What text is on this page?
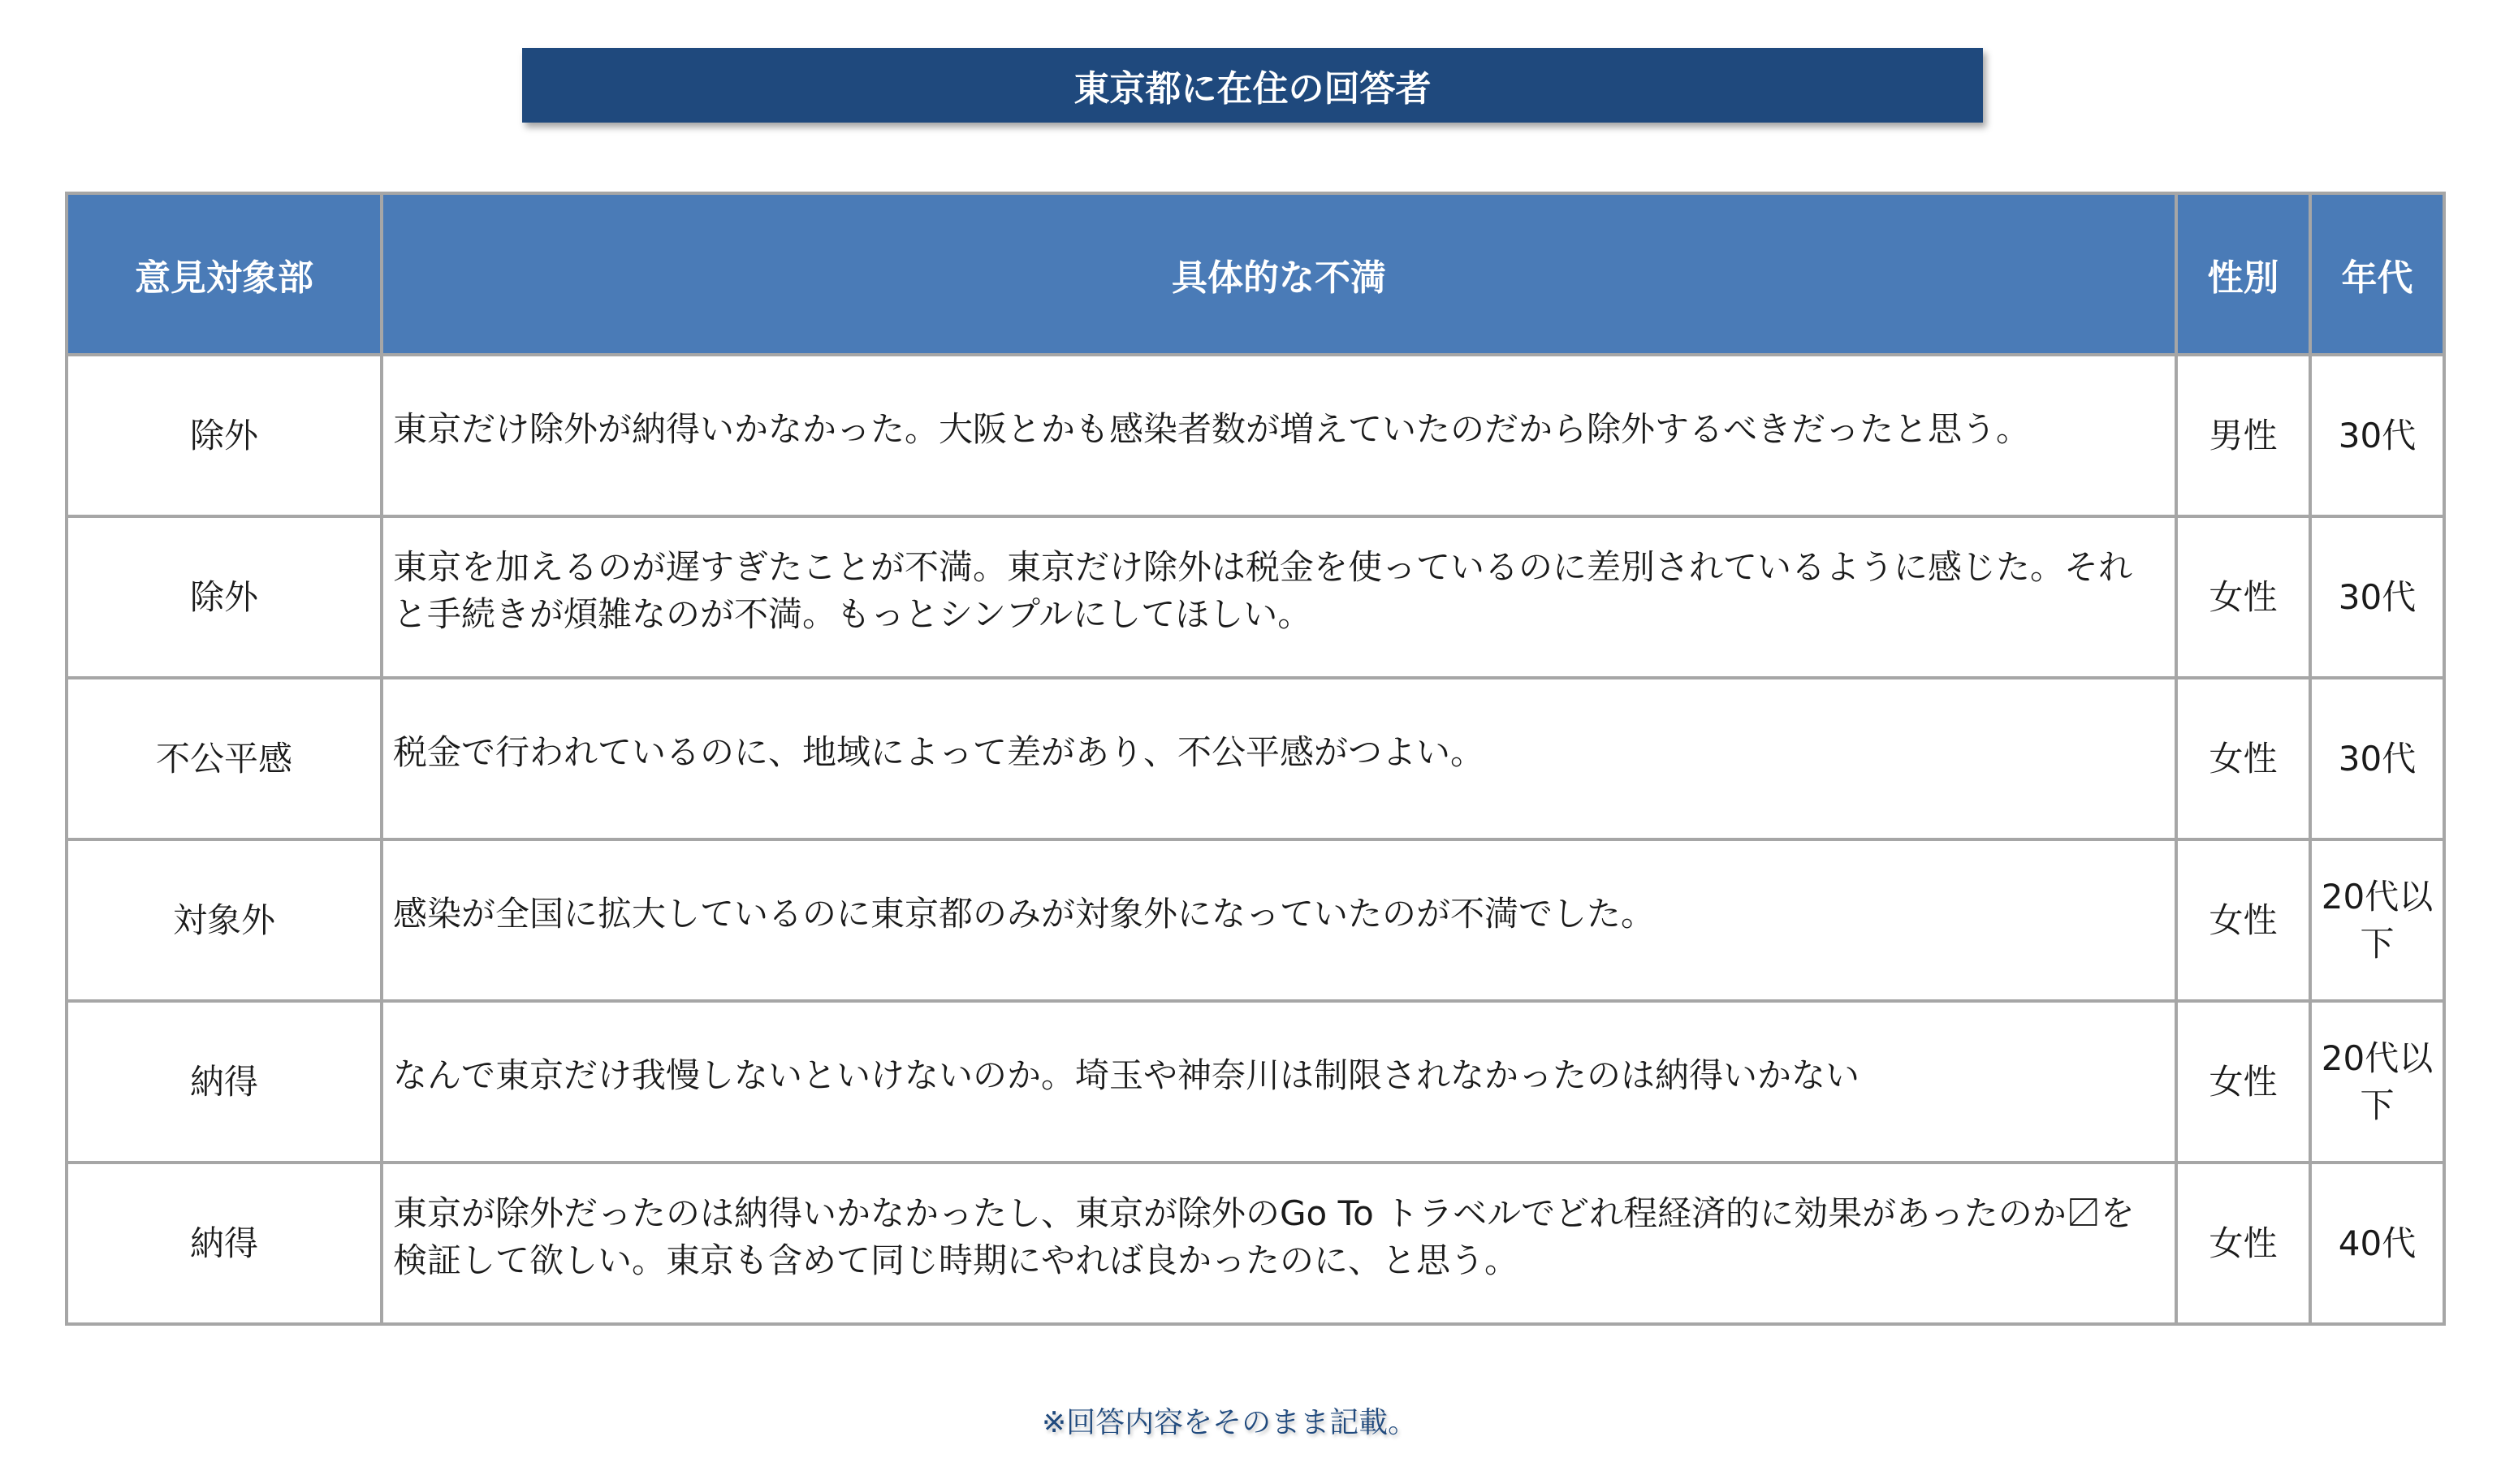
東京都に在住の回答者
意見対象部	具体的な不満	性別	年代
除外	東京だけ除外が納得いかなかった。大阪とかも感染者数が増えていたのだから除外するべきだったと思う。	男性	30代
除外	東京を加えるのが遅すぎたことが不満。東京だけ除外は税金を使っているのに差別されているように感じた。それと手続きが煩雑なのが不満。もっとシンプルにしてほしい。	女性	30代
不公平感	税金で行われているのに、地域によって差があり、不公平感がつよい。	女性	30代
対象外	感染が全国に拡大しているのに東京都のみが対象外になっていたのが不満でした。	女性	20代以下
納得	なんで東京だけ我慢しないといけないのか。埼玉や神奈川は制限されなかったのは納得いかない	女性	20代以下
納得	東京が除外だったのは納得いかなかったし、東京が除外のGo To トラベルでどれ程経済的に効果があったのか〼を検証して欲しい。東京も含めて同じ時期にやれば良かったのに、と思う。	女性	40代
※回答内容をそのまま記載。
